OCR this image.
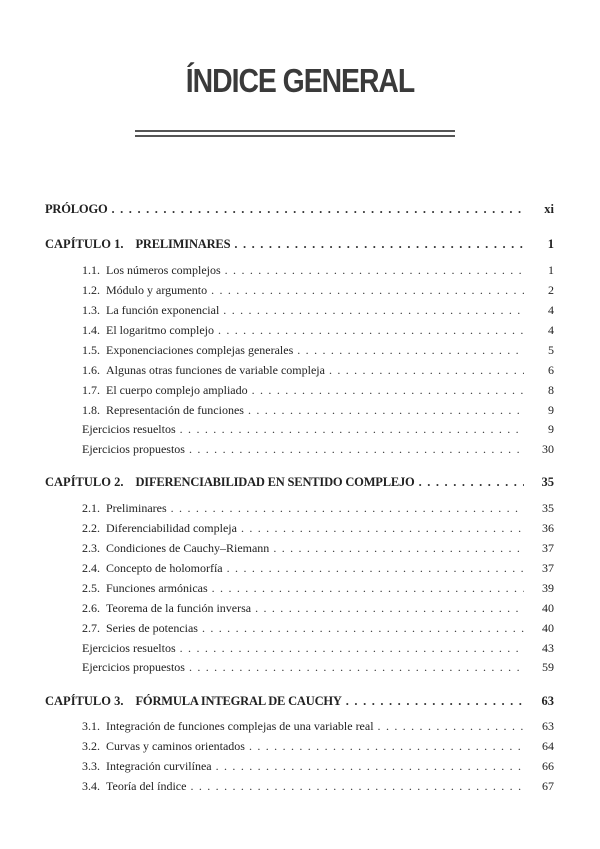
ÍNDICE GENERAL
PRÓLOGO . . .	xi
CAPÍTULO 1. PRELIMINARES . . .	1
1.1. Los números complejos . . .	1
1.2. Módulo y argumento . . .	2
1.3. La función exponencial . . .	4
1.4. El logaritmo complejo . . .	4
1.5. Exponenciaciones complejas generales . . .	5
1.6. Algunas otras funciones de variable compleja . . .	6
1.7. El cuerpo complejo ampliado . . .	8
1.8. Representación de funciones . . .	9
Ejercicios resueltos . . .	9
Ejercicios propuestos . . .	30
CAPÍTULO 2. DIFERENCIABILIDAD EN SENTIDO COMPLEJO . . .	35
2.1. Preliminares . . .	35
2.2. Diferenciabilidad compleja . . .	36
2.3. Condiciones de Cauchy–Riemann . . .	37
2.4. Concepto de holomorfía . . .	37
2.5. Funciones armónicas . . .	39
2.6. Teorema de la función inversa . . .	40
2.7. Series de potencias . . .	40
Ejercicios resueltos . . .	43
Ejercicios propuestos . . .	59
CAPÍTULO 3. FÓRMULA INTEGRAL DE CAUCHY . . .	63
3.1. Integración de funciones complejas de una variable real . . .	63
3.2. Curvas y caminos orientados . . .	64
3.3. Integración curvilínea . . .	66
3.4. Teoría del índice . . .	67
